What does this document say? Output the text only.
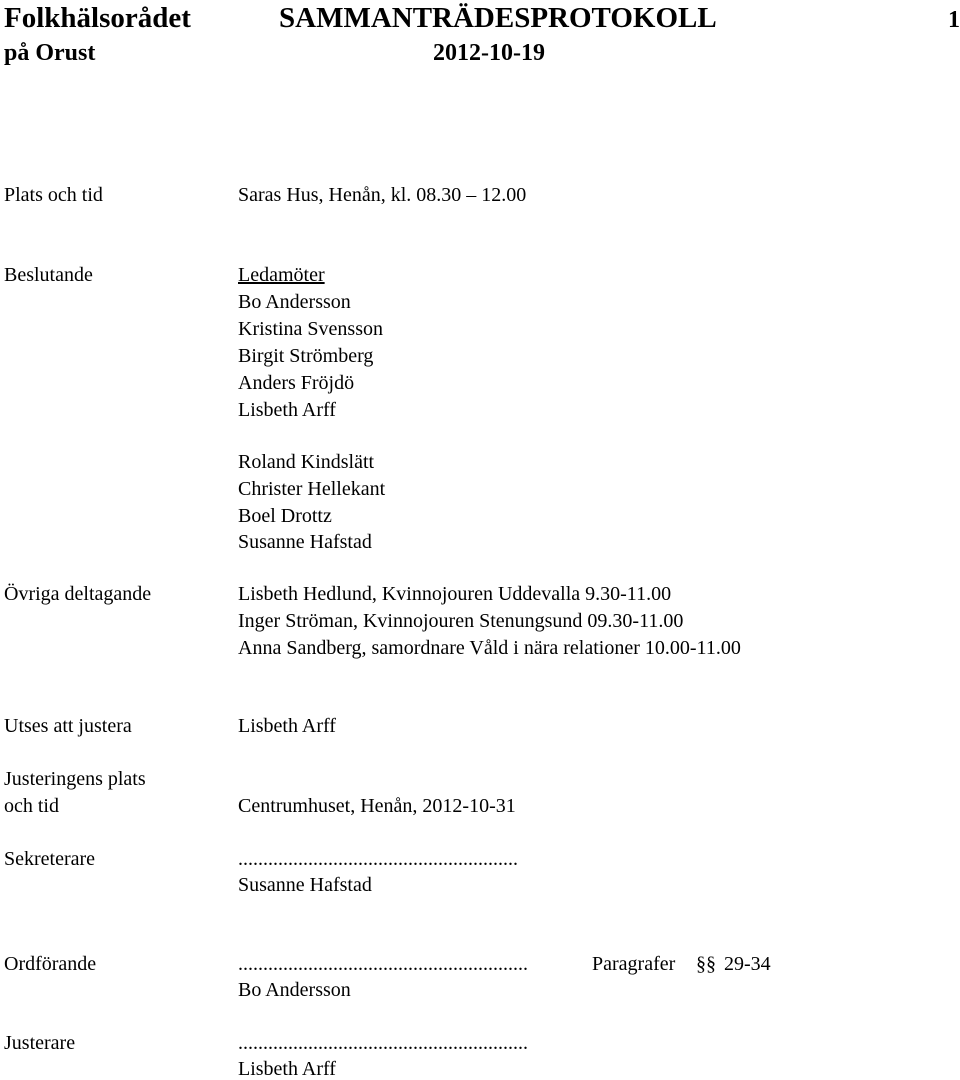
Folkhälsorådet	SAMMANTRÄDESPROTOKOLL	1
på Orust	2012-10-19
Plats och tid	Saras Hus, Henån, kl. 08.30 – 12.00
Beslutande	Ledamöter
Bo Andersson
Kristina Svensson
Birgit Strömberg
Anders Fröjdö
Lisbeth Arff
Roland Kindslätt
Christer Hellekant
Boel Drottz
Susanne Hafstad
Övriga deltagande	Lisbeth Hedlund, Kvinnojouren Uddevalla 9.30-11.00
Inger Ströman, Kvinnojouren Stenungsund 09.30-11.00
Anna Sandberg, samordnare Våld i nära relationer 10.00-11.00
Utses att justera	Lisbeth Arff
Justeringens plats
och tid	Centrumhuset, Henån, 2012-10-31
Sekreterare	........................................................
Susanne Hafstad
Ordförande	..........................................................	Paragrafer §§ 29-34
Bo Andersson
Justerare	..........................................................
Lisbeth Arff
